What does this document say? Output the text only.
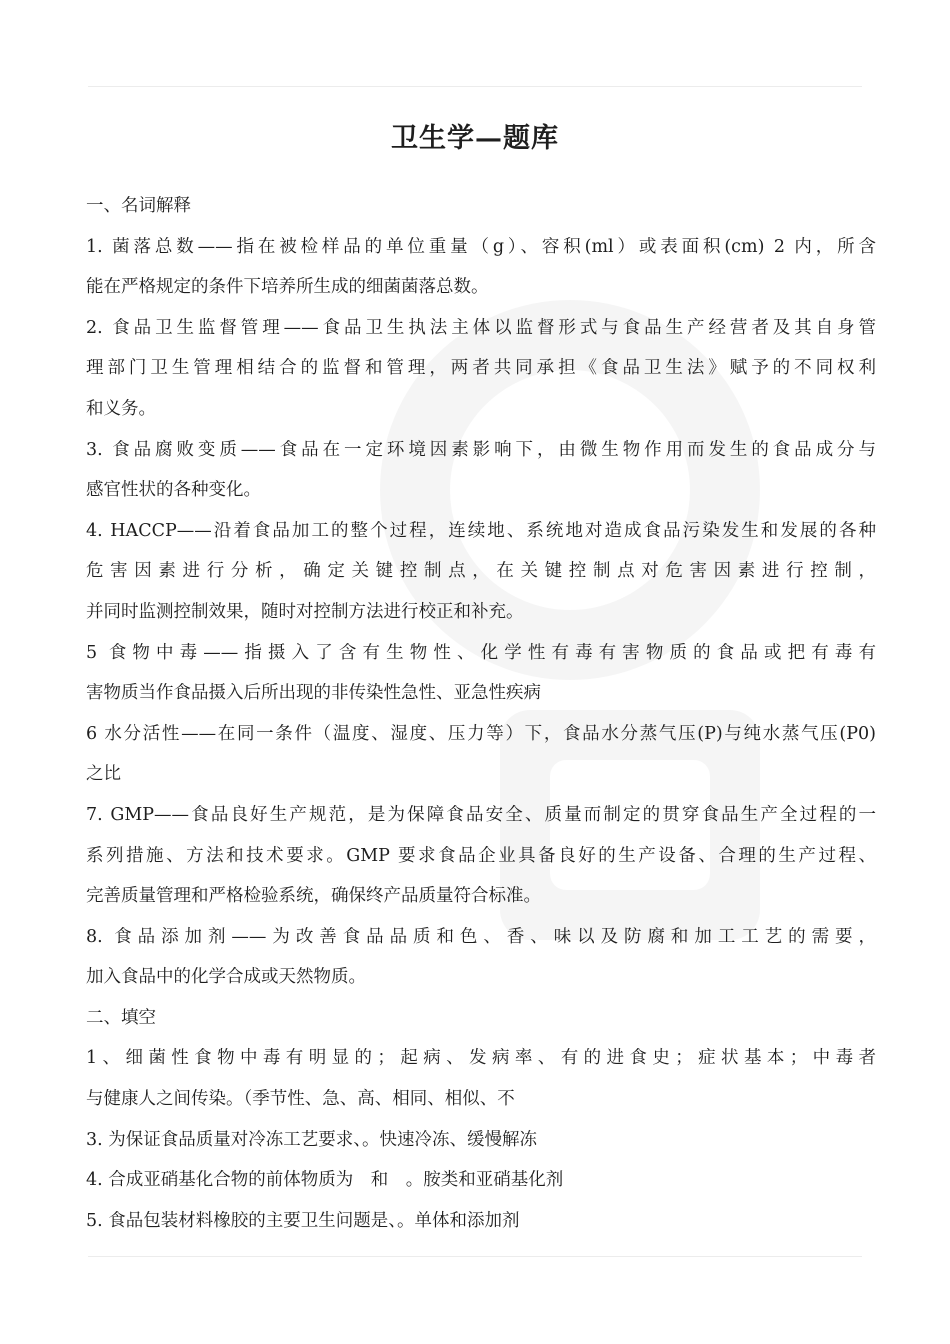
卫生学—题库
一、名词解释
1. 菌落总数——指在被检样品的单位重量（g）、容积(ml）或表面积(cm) 2 内，所含
能在严格规定的条件下培养所生成的细菌菌落总数。
2. 食品卫生监督管理——食品卫生执法主体以监督形式与食品生产经营者及其自身管
理部门卫生管理相结合的监督和管理，两者共同承担《食品卫生法》赋予的不同权利
和义务。
3. 食品腐败变质——食品在一定环境因素影响下，由微生物作用而发生的食品成分与
感官性状的各种变化。
4. HACCP——沿着食品加工的整个过程，连续地、系统地对造成食品污染发生和发展的各种
危害因素进行分析，确定关键控制点，在关键控制点对危害因素进行控制，
并同时监测控制效果，随时对控制方法进行校正和补充。
5 食物中毒——指摄入了含有生物性、化学性有毒有害物质的食品或把有毒有
害物质当作食品摄入后所出现的非传染性急性、亚急性疾病
6 水分活性——在同一条件（温度、湿度、压力等）下，食品水分蒸气压(P)与纯水蒸气压(P0)
之比
7. GMP——食品良好生产规范，是为保障食品安全、质量而制定的贯穿食品生产全过程的一
系列措施、方法和技术要求。GMP 要求食品企业具备良好的生产设备、合理的生产过程、
完善质量管理和严格检验系统，确保终产品质量符合标准。
8. 食品添加剂——为改善食品品质和色、香、味以及防腐和加工工艺的需要，
加入食品中的化学合成或天然物质。
二、填空
1、细菌性食物中毒有明显的；起病、发病率、有的进食史；症状基本；中毒者
与健康人之间传染。（季节性、急、高、相同、相似、不
3. 为保证食品质量对冷冻工艺要求、。快速冷冻、缓慢解冻
4. 合成亚硝基化合物的前体物质为　和　。胺类和亚硝基化剂
5. 食品包装材料橡胶的主要卫生问题是、。单体和添加剂
